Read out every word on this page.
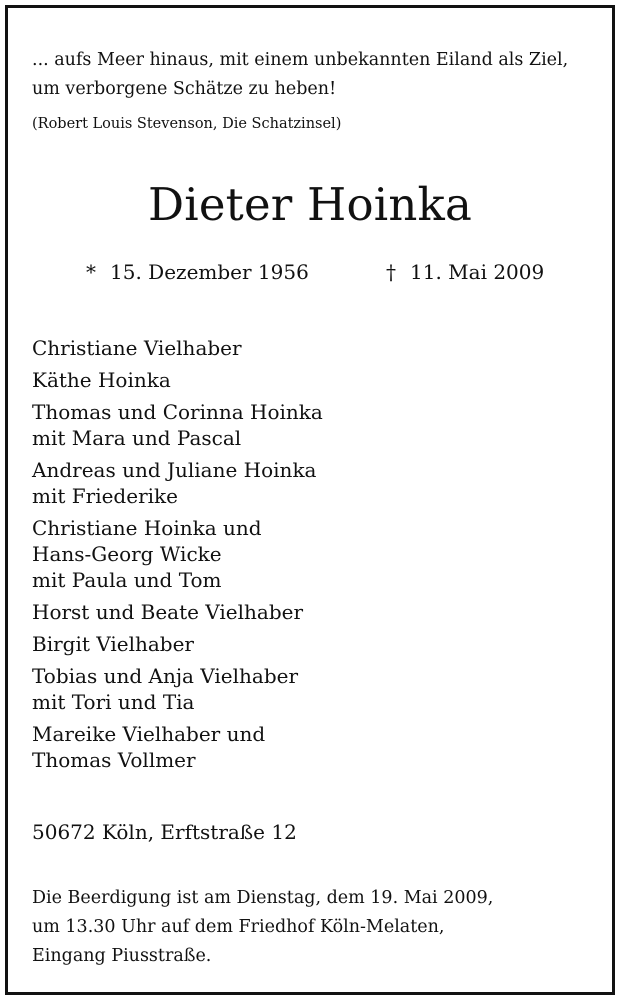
... aufs Meer hinaus, mit einem unbekannten Eiland als Ziel,
um verborgene Schätze zu heben!

(Robert Louis Stevenson, Die Schatzinsel)
Dieter Hoinka
* 15. Dezember 1956	† 11. Mai 2009
Christiane Vielhaber
Käthe Hoinka
Thomas und Corinna Hoinka
mit Mara und Pascal
Andreas und Juliane Hoinka
mit Friederike
Christiane Hoinka und
Hans-Georg Wicke
mit Paula und Tom
Horst und Beate Vielhaber
Birgit Vielhaber
Tobias und Anja Vielhaber
mit Tori und Tia
Mareike Vielhaber und
Thomas Vollmer
50672 Köln, Erftstraße 12
Die Beerdigung ist am Dienstag, dem 19. Mai 2009,
um 13.30 Uhr auf dem Friedhof Köln-Melaten,
Eingang Piusstraße.
